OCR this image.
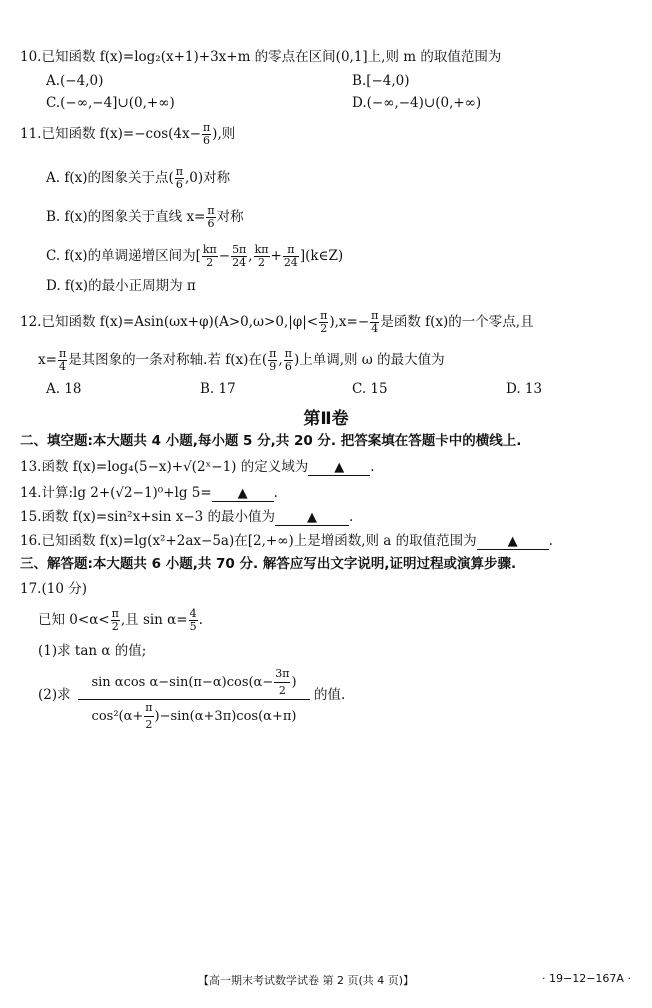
10.已知函数 f(x)=log₂(x+1)+3x+m 的零点在区间(0,1]上,则 m 的取值范围为
A.(−4,0)	B.[−4,0)
C.(−∞,−4]∪(0,+∞)	D.(−∞,−4)∪(0,+∞)
11.已知函数 $f(x)=-\cos(4x- \frac{\pi}{6}$ ),则
A. f(x)的图象关于点( $\frac{\pi}{6} ,0$)对称
B. f(x)的图象关于直线 $x= \frac{\pi}{6}$ 对称
C. f(x)的单调递增区间为[ $\frac{k\pi}{2} - \frac{5\pi}{24}$ , $\frac{k\pi}{2} + \frac{\pi}{24}$ ](k∈Z)
D. f(x)的最小正周期为 π
12.已知函数 $f(x)=Asin(\omega x+\varphi)(A>0,\omega>0,|\varphi|< \frac{\pi}{2} ),x=- \frac{\pi}{4}$ 是函数 f(x)的一个零点,且
$x= \frac{\pi}{4}$ 是其图象的一条对称轴.若 f(x)在( $\frac{\pi}{9}$ , $\frac{\pi}{6}$ )上单调,则 ω 的最大值为
A. 18	B. 17	C. 15	D. 13
第Ⅱ卷
二、填空题:本大题共 4 小题,每小题 5 分,共 20 分. 把答案填在答题卡中的横线上.
13.函数 f(x)=log₄(5−x)+√(2ˣ−1) 的定义域为 ▲ .
14.计算:lg 2+(√2−1)⁰+lg 5= ▲ .
15.函数 f(x)=sin²x+sin x−3 的最小值为 ▲ .
16.已知函数 f(x)=lg(x²+2ax−5a)在[2,+∞)上是增函数,则 a 的取值范围为 ▲ .
三、解答题:本大题共 6 小题,共 70 分. 解答应写出文字说明,证明过程或演算步骤.
17.(10 分)
已知 $0<\alpha< \frac{\pi}{2}$ ,且 $\sin \alpha= \frac{4}{5}$ .
(1)求 tan α 的值;
(2)求 $\frac{\sin \alpha\cos \alpha-\sin(\pi-\alpha)\cos(\alpha- \frac{3\pi}{2} )}{\cos^2(\alpha+ \frac{\pi}{2} )-\sin(\alpha+3\pi)\cos(\alpha+\pi)}$ 的值.
【高一期末考试数学试卷 第 2 页(共 4 页)】	· 19−12−167A ·
